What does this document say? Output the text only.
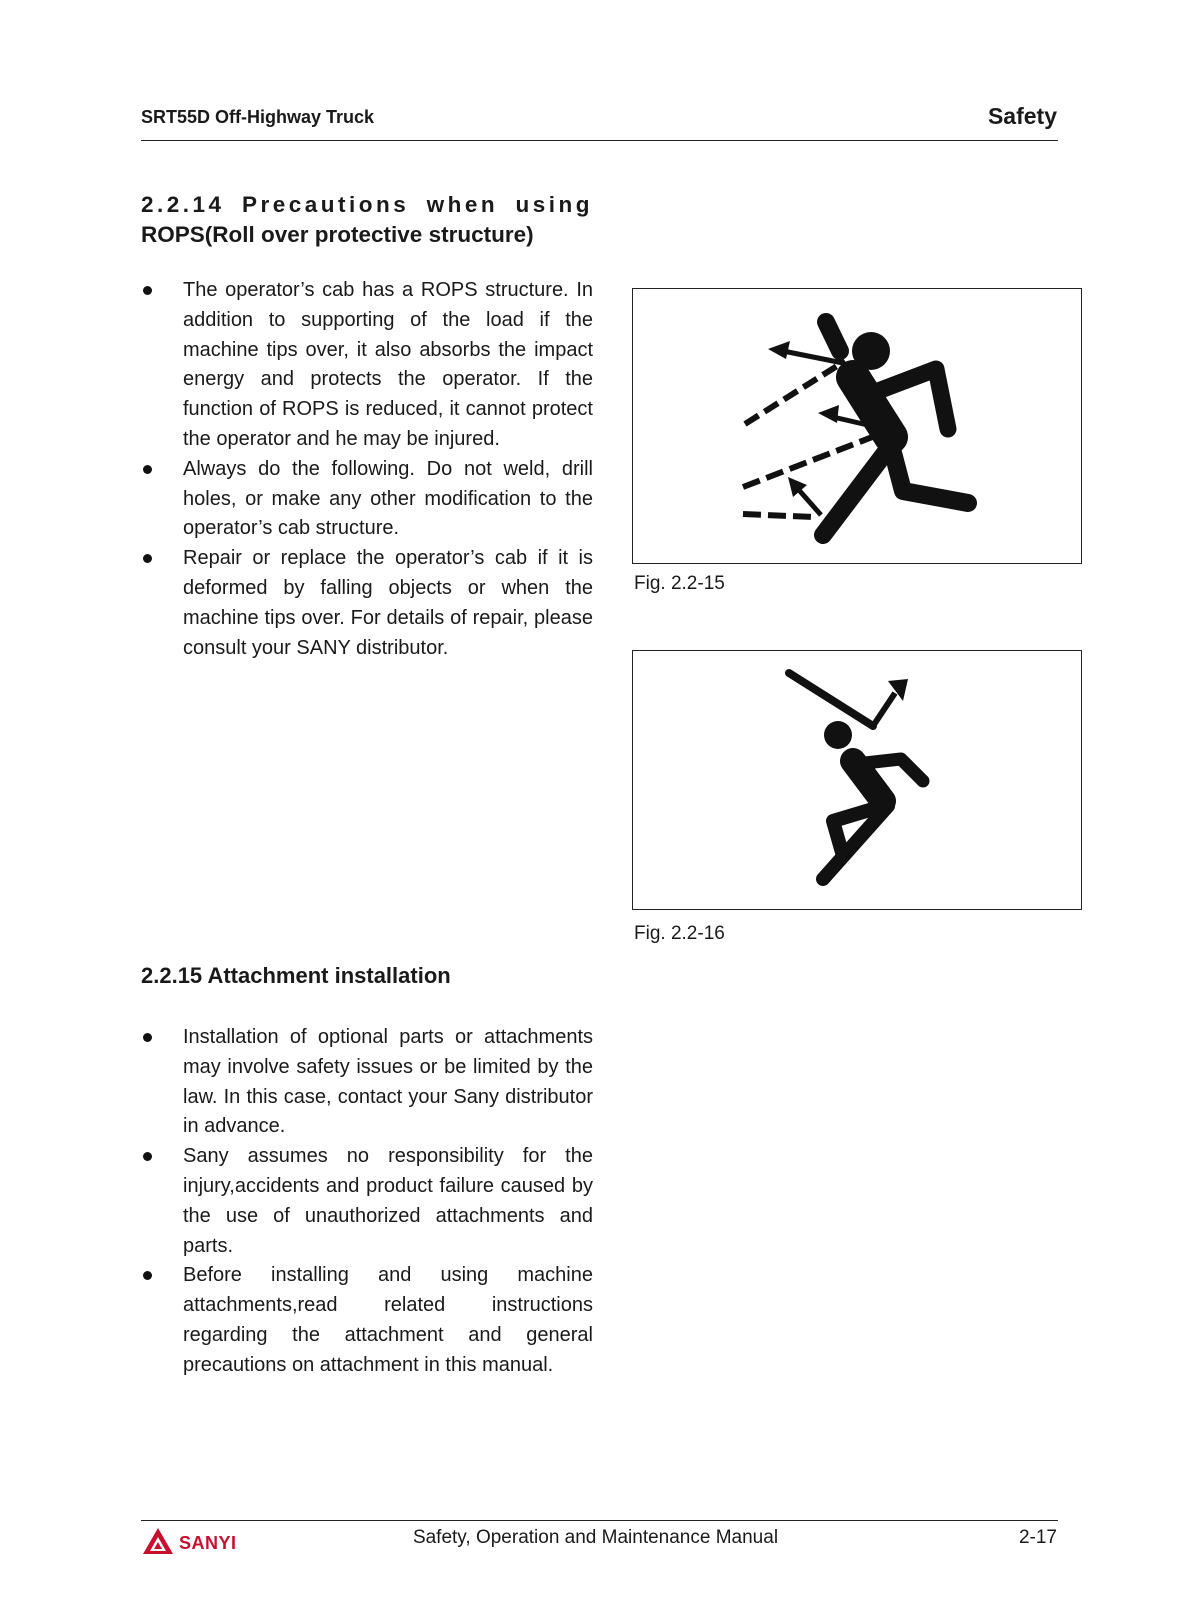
SRT55D Off-Highway Truck	Safety
2.2.14 Precautions when using
ROPS(Roll over protective structure)
The operator’s cab has a ROPS structure. In addition to supporting of the load if the machine tips over, it also absorbs the impact energy and protects the operator. If the function of ROPS is reduced, it cannot protect the operator and he may be injured.
Always do the following. Do not weld, drill holes, or make any other modification to the operator’s cab structure.
Repair or replace the operator’s cab if it is deformed by falling objects or when the machine tips over. For details of repair, please consult your SANY distributor.
2.2.15 Attachment installation
Installation of optional parts or attachments may involve safety issues or be limited by the law. In this case, contact your Sany distributor in advance.
Sany assumes no responsibility for the injury,accidents and product failure caused by the use of unauthorized attachments and parts.
Before installing and using machine attachments,read related instructions regarding the attachment and general precautions on attachment in this manual.
Fig. 2.2-15
Fig. 2.2-16
SANYI	Safety, Operation and Maintenance Manual	2-17
